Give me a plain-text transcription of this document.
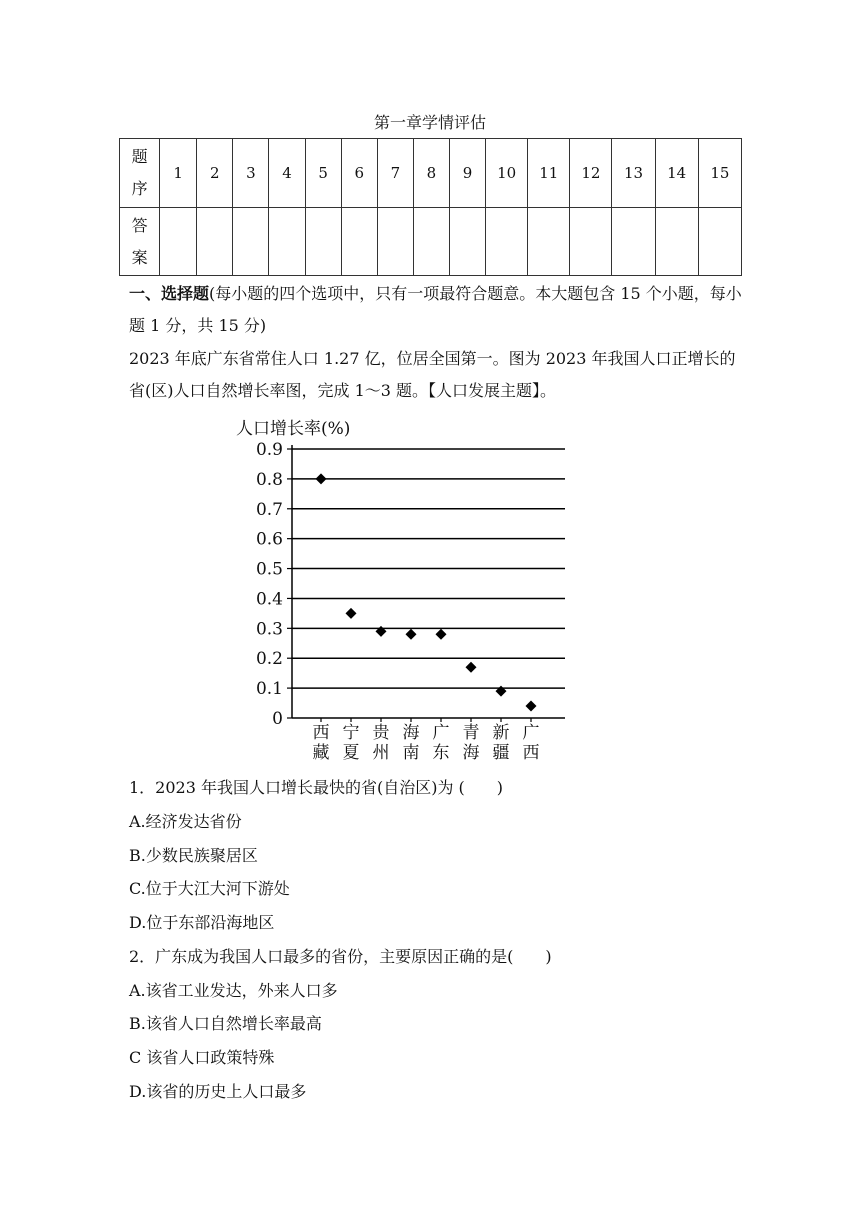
第一章学情评估
题序	1	2	3	4	5	6	7	8	9	10	11	12	13	14	15

答案															

一、选择题(每小题的四个选项中，只有一项最符合题意。本大题包含 15 个小题，每小题 1 分，共 15 分)

2023 年底广东省常住人口 1.27 亿，位居全国第一。图为 2023 年我国人口正增长的省(区)人口自然增长率图，完成 1～3 题。【人口发展主题】。

人口增长率(%)
0
0.1
0.2
0.3
0.4
0.5
0.6
0.7
0.8
0.9
西藏
宁夏
贵州
海南
广东
青海
新疆
广西
1．2023 年我国人口增长最快的省(自治区)为 (　　)
A.经济发达省份
B.少数民族聚居区
C.位于大江大河下游处
D.位于东部沿海地区
2．广东成为我国人口最多的省份，主要原因正确的是(　　)
A.该省工业发达，外来人口多
B.该省人口自然增长率最高
C 该省人口政策特殊
D.该省的历史上人口最多
